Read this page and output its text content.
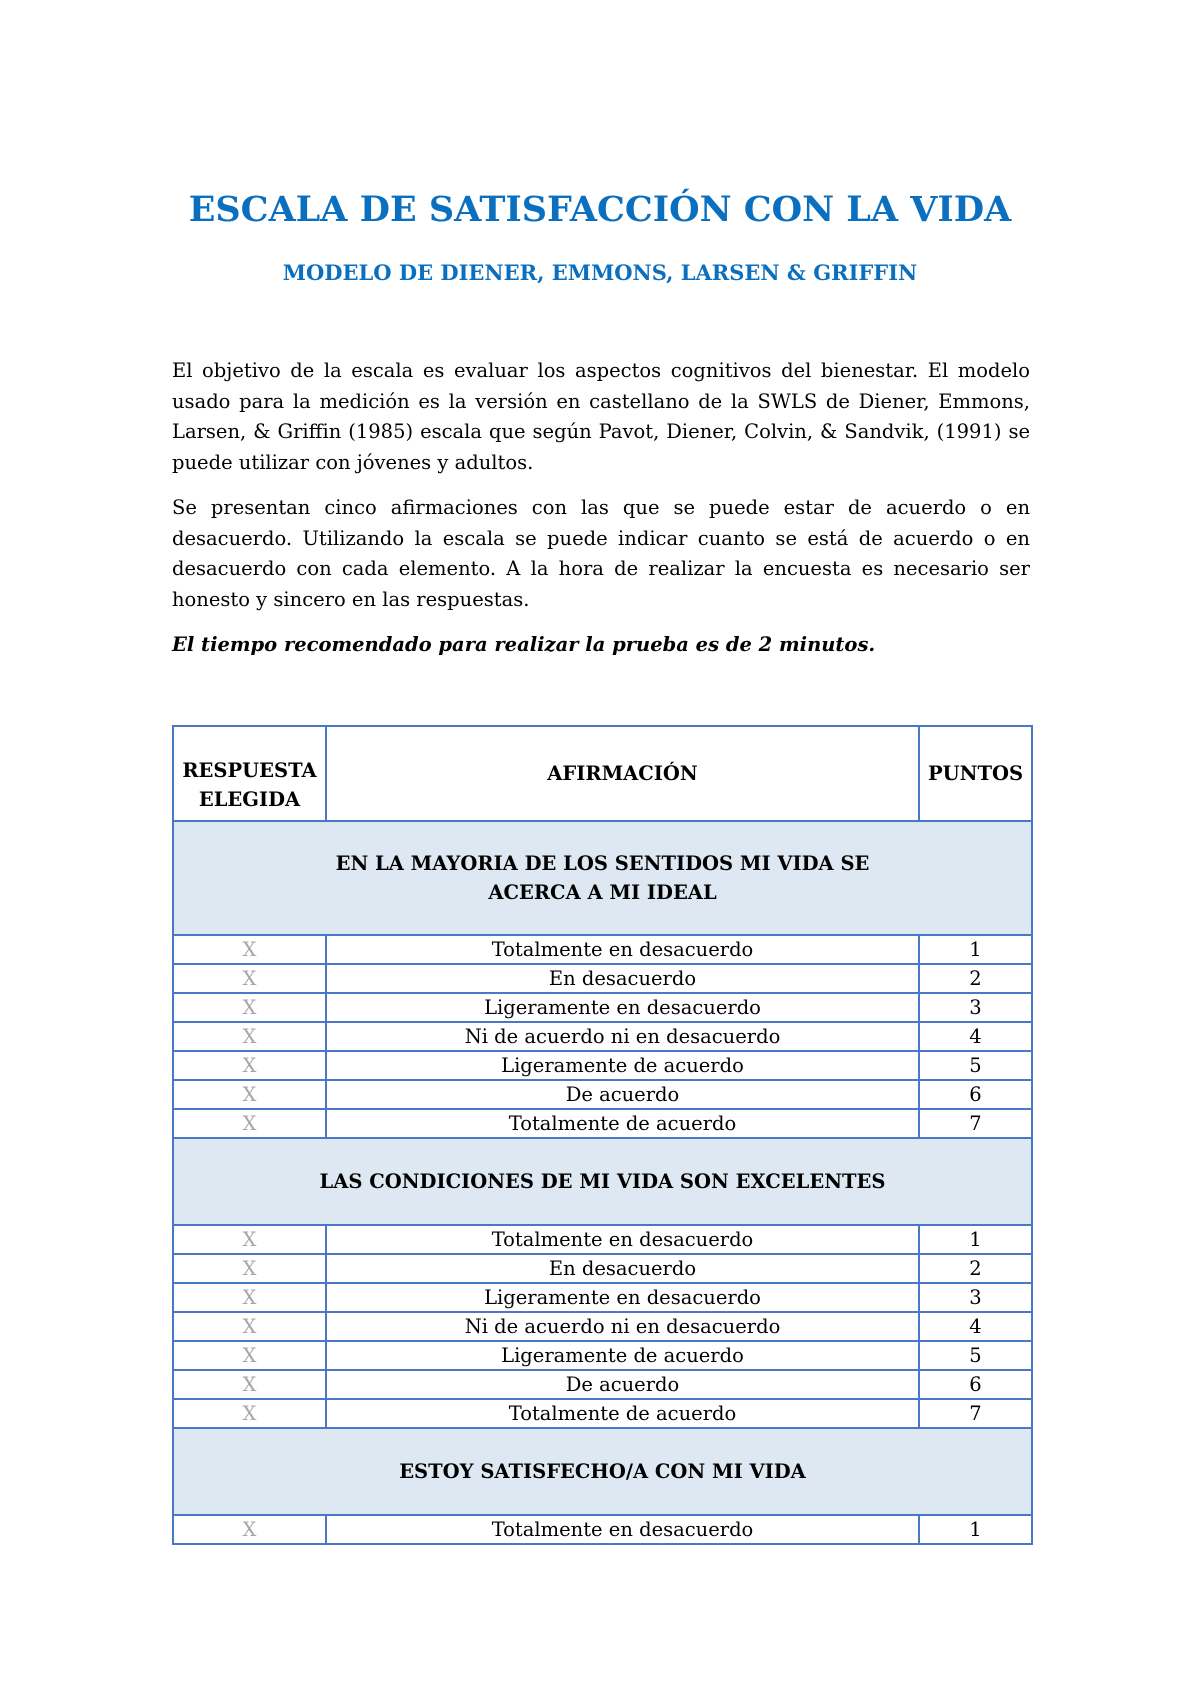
ESCALA DE SATISFACCIÓN CON LA VIDA
MODELO DE DIENER, EMMONS, LARSEN & GRIFFIN

El objetivo de la escala es evaluar los aspectos cognitivos del bienestar. El modelo usado para la medición es la versión en castellano de la SWLS de Diener, Emmons, Larsen, & Griffin (1985) escala que según Pavot, Diener, Colvin, & Sandvik, (1991) se puede utilizar con jóvenes y adultos.

Se presentan cinco afirmaciones con las que se puede estar de acuerdo o en desacuerdo. Utilizando la escala se puede indicar cuanto se está de acuerdo o en desacuerdo con cada elemento. A la hora de realizar la encuesta es necesario ser honesto y sincero en las respuestas.

El tiempo recomendado para realizar la prueba es de 2 minutos.

RESPUESTA
ELEGIDA	AFIRMACIÓN	PUNTOS
EN LA MAYORIA DE LOS SENTIDOS MI VIDA SE
ACERCA A MI IDEAL		
X	Totalmente en desacuerdo	1
X	En desacuerdo	2
X	Ligeramente en desacuerdo	3
X	Ni de acuerdo ni en desacuerdo	4
X	Ligeramente de acuerdo	5
X	De acuerdo	6
X	Totalmente de acuerdo	7
LAS CONDICIONES DE MI VIDA SON EXCELENTES		
X	Totalmente en desacuerdo	1
X	En desacuerdo	2
X	Ligeramente en desacuerdo	3
X	Ni de acuerdo ni en desacuerdo	4
X	Ligeramente de acuerdo	5
X	De acuerdo	6
X	Totalmente de acuerdo	7
ESTOY SATISFECHO/A CON MI VIDA		
X	Totalmente en desacuerdo	1
